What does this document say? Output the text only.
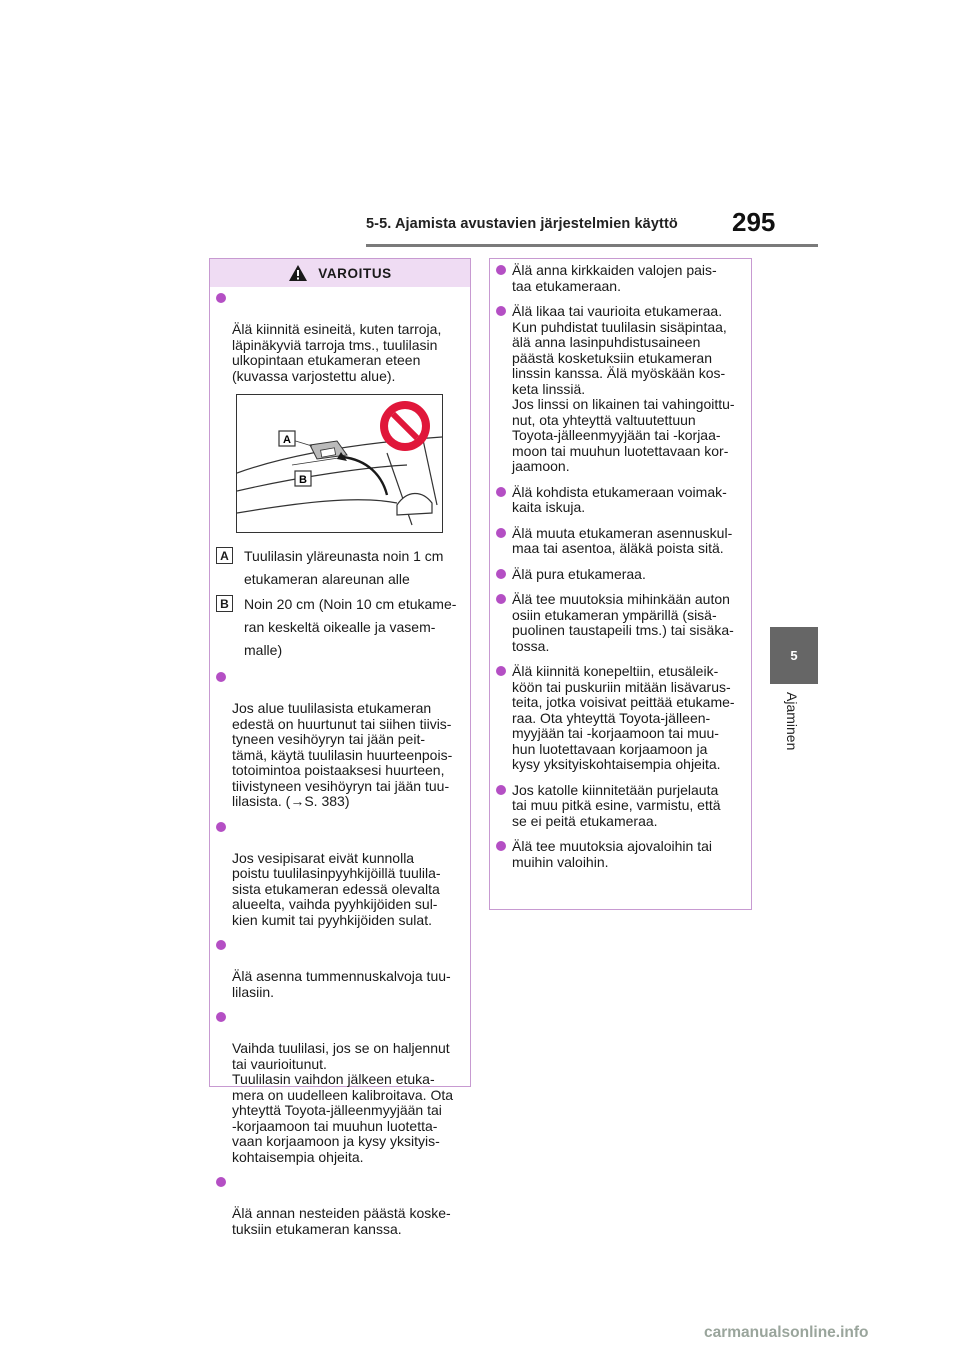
5-5. Ajamista avustavien järjestelmien käyttö 295
5
Ajaminen
VAROITUS

Älä kiinnitä esineitä, kuten tarroja, läpinäkyviä tarroja tms., tuulilasin ulkopintaan etukameran eteen (kuvassa varjostettu alue).

A
B
A Tuulilasin yläreunasta noin 1 cm
etukameran alareunan alle
B Noin 20 cm (Noin 10 cm etukame-
ran keskeltä oikealle ja vasem-
malle)

Jos alue tuulilasista etukameran
edestä on huurtunut tai siihen tiivis-
tyneen vesihöyryn tai jään peit-
tämä, käytä tuulilasin huurteenpois-
totoimintoa poistaaksesi huurteen,
tiivistyneen vesihöyryn tai jään tuu-
lilasista. (→S. 383)

Jos vesipisarat eivät kunnolla
poistu tuulilasinpyyhkijöillä tuulila-
sista etukameran edessä olevalta
alueelta, vaihda pyyhkijöiden sul-
kien kumit tai pyyhkijöiden sulat.

Älä asenna tummennuskalvoja tuu-
lilasiin.

Vaihda tuulilasi, jos se on haljennut
tai vaurioitunut.
Tuulilasin vaihdon jälkeen etuka-
mera on uudelleen kalibroitava. Ota
yhteyttä Toyota-jälleenmyyjään tai
-korjaamoon tai muuhun luotetta-
vaan korjaamoon ja kysy yksityis-
kohtaisempia ohjeita.

Älä annan nesteiden päästä koske-
tuksiin etukameran kanssa.

Älä anna kirkkaiden valojen pais-
taa etukameraan.
Älä likaa tai vaurioita etukameraa.
Kun puhdistat tuulilasin sisäpintaa,
älä anna lasinpuhdistusaineen
päästä kosketuksiin etukameran
linssin kanssa. Älä myöskään kos-
keta linssiä.
Jos linssi on likainen tai vahingoittu-
nut, ota yhteyttä valtuutettuun
Toyota-jälleenmyyjään tai -korjaa-
moon tai muuhun luotettavaan kor-
jaamoon.
Älä kohdista etukameraan voimak-
kaita iskuja.
Älä muuta etukameran asennuskul-
maa tai asentoa, äläkä poista sitä.
Älä pura etukameraa.
Älä tee muutoksia mihinkään auton
osiin etukameran ympärillä (sisä-
puolinen taustapeili tms.) tai sisäka-
tossa.
Älä kiinnitä konepeltiin, etusäleik-
köön tai puskuriin mitään lisävarus-
teita, jotka voisivat peittää etukame-
raa. Ota yhteyttä Toyota-jälleen-
myyjään tai -korjaamoon tai muu-
hun luotettavaan korjaamoon ja
kysy yksityiskohtaisempia ohjeita.
Jos katolle kiinnitetään purjelauta
tai muu pitkä esine, varmistu, että
se ei peitä etukameraa.
Älä tee muutoksia ajovaloihin tai
muihin valoihin.
carmanualsonline.info
